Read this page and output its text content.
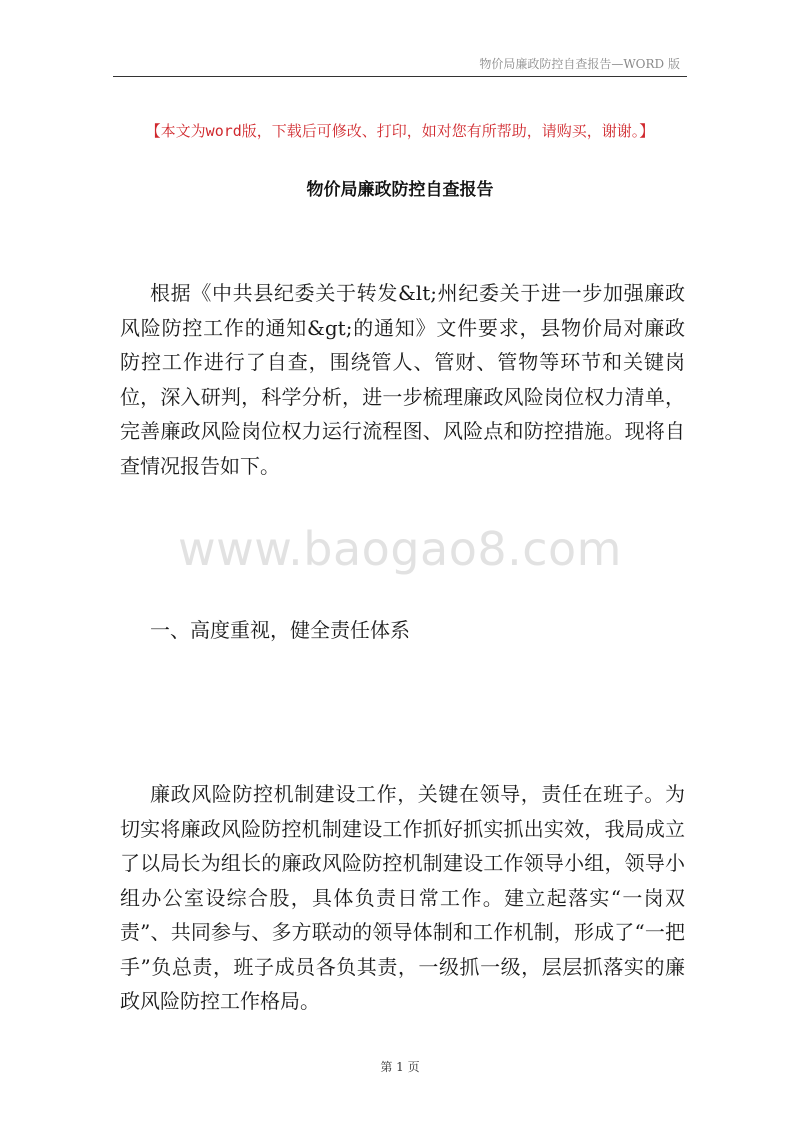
物价局廉政防控自查报告—WORD 版
【本文为word版，下载后可修改、打印，如对您有所帮助，请购买，谢谢。】
物价局廉政防控自查报告
根据《中共县纪委关于转发&lt;州纪委关于进一步加强廉政风险防控工作的通知&gt;的通知》文件要求，县物价局对廉政防控工作进行了自查，围绕管人、管财、管物等环节和关键岗位，深入研判，科学分析，进一步梳理廉政风险岗位权力清单，完善廉政风险岗位权力运行流程图、风险点和防控措施。现将自查情况报告如下。
www.baogao8.com
一、高度重视，健全责任体系
廉政风险防控机制建设工作，关键在领导，责任在班子。为切实将廉政风险防控机制建设工作抓好抓实抓出实效，我局成立了以局长为组长的廉政风险防控机制建设工作领导小组，领导小组办公室设综合股，具体负责日常工作。建立起落实“一岗双责”、共同参与、多方联动的领导体制和工作机制，形成了“一把手”负总责，班子成员各负其责，一级抓一级，层层抓落实的廉政风险防控工作格局。
第 1 页
